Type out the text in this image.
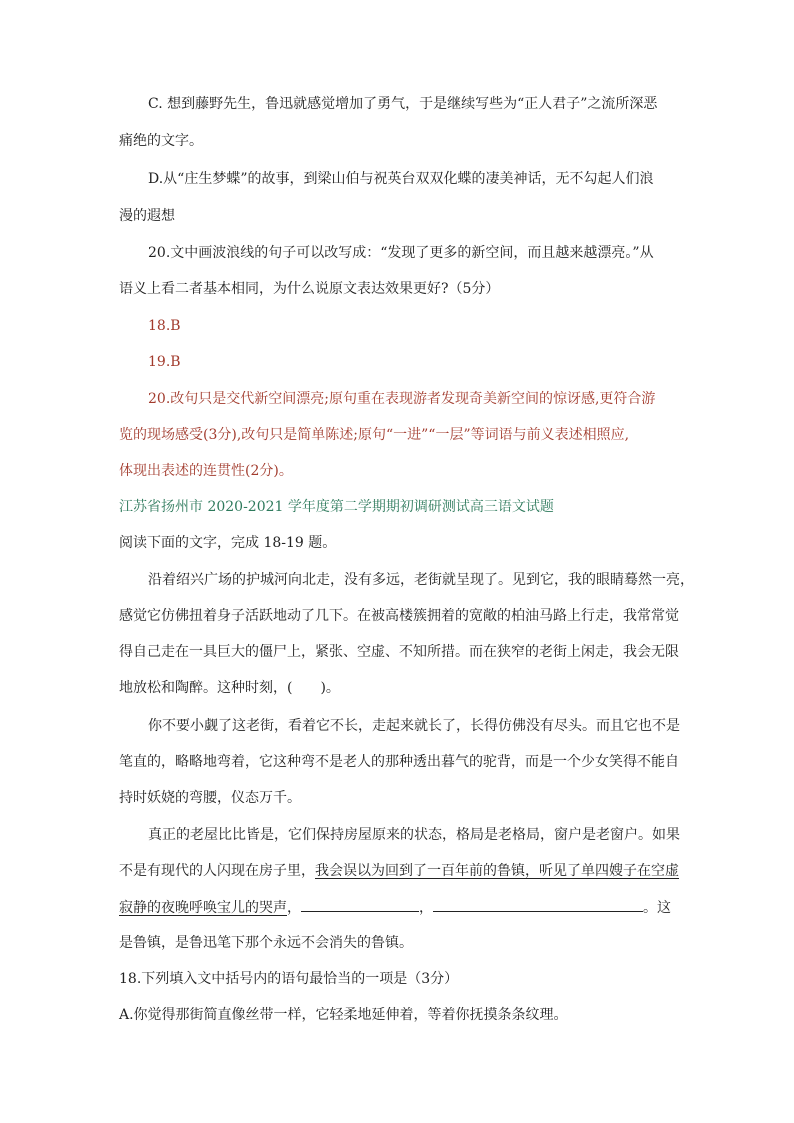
C. 想到藤野先生，鲁迅就感觉增加了勇气，于是继续写些为“正人君子”之流所深恶
痛绝的文字。
D.从“庄生梦蝶”的故事，到梁山伯与祝英台双双化蝶的凄美神话，无不勾起人们浪
漫的遐想
20.文中画波浪线的句子可以改写成：“发现了更多的新空间，而且越来越漂亮。”从
语义上看二者基本相同，为什么说原文表达效果更好?（5分）
18.B
19.B
20.改句只是交代新空间漂亮;原句重在表现游者发现奇美新空间的惊讶感,更符合游
览的现场感受(3分),改句只是简单陈述;原句“一进”“一层”等词语与前义表述相照应,
体现出表述的连贯性(2分)。
江苏省扬州市 2020-2021 学年度第二学期期初调研测试高三语文试题
阅读下面的文字，完成 18-19 题。
沿着绍兴广场的护城河向北走，没有多远，老街就呈现了。见到它，我的眼睛蓦然一亮，
感觉它仿佛扭着身子活跃地动了几下。在被高楼簇拥着的宽敞的柏油马路上行走，我常常觉
得自己走在一具巨大的僵尸上，紧张、空虚、不知所措。而在狭窄的老街上闲走，我会无限
地放松和陶醉。这种时刻，(　　)。
你不要小觑了这老街，看着它不长，走起来就长了，长得仿佛没有尽头。而且它也不是
笔直的，略略地弯着，它这种弯不是老人的那种透出暮气的驼背，而是一个少女笑得不能自
持时妖娆的弯腰，仪态万千。
真正的老屋比比皆是，它们保持房屋原来的状态，格局是老格局，窗户是老窗户。如果
不是有现代的人闪现在房子里，我会误以为回到了一百年前的鲁镇，听见了单四嫂子在空虚
寂静的夜晚呼唤宝儿的哭声，	，	。这
是鲁镇，是鲁迅笔下那个永远不会消失的鲁镇。
18.下列填入文中括号内的语句最恰当的一项是（3分）
A.你觉得那街简直像丝带一样，它轻柔地延伸着，等着你抚摸条条纹理。
